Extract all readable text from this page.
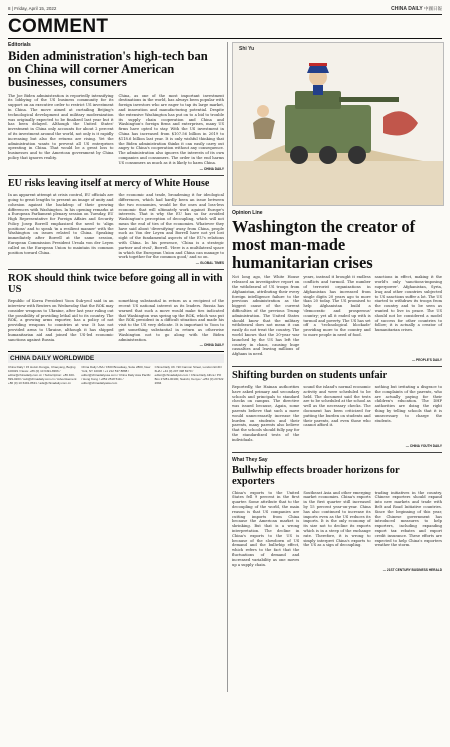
8 | Friday, April 15, 2022	CHINA DAILY 中國日報
COMMENT
Editorials
Biden administration's high-tech ban on China will corner American businesses, consumers
The Joe Biden administration is reportedly intensifying its lobbying of the US business community for its support on an executive order to restrict US investment in China. The move aimed at curtailing Beijing's technological development and military modernization was originally expected to be finalized last year but it has been delayed. Although the United States' investment in China only accounts for about 2 percent of its investment around the world, not only is it rapidly increasing but also the returns are rising. Yet the administration wants to prevent all US enterprises operating in China. That would be a great loss to businesses and to the American government by China policy that ignores reality.
China, as one of the most important investment destinations in the world, has always been popular with foreign investors who are eager to tap its large market, and innovation and manufacturing potential. Despite the extensive Washington has put on to a bid to trouble its supply chain cooperation and China and Washington's foreign firms and enterprises, many US firms have opted to stay. With the US investment in China has increased from $107.56 billion in 2019 to $118.6 billion last year. It is only wishful thinking that the Biden administration thinks it can easily carry out angry to China's cooperation without any consequence. The administration also ignores the interests of its own companies and consumers. The order in the end harms US consumers as much as it is likely to harm China.
— CHINA DAILY
EU risks leaving itself at mercy of White House
In an apparent attempt at crisis control, EU officials are going to great lengths to present an image of unity and cohesion against the backdrop of their growing differences with Washington. In his opening remarks at a European Parliament plenary session on Tuesday, EU High Representative for Foreign Affairs and Security Policy Josep Borrell emphasized the need to 'align positions' and to speak 'in a resilient manner' with the Washington on issues related to China. Speaking immediately after Borrell at the same session, European Commission President Ursula von der Leyen called on the European Union to maintain its common position toward China.
the economic and trade, broadening it for ideological differences, which had hardly been an issue between the two economies, would be the ones and loss-less economic that will ultimately work against Europe's interests. That is why the EU has so far avoided Washington's perception of decoupling, which will not mean the end of ties of the economies. Whatever they have said about 'diversifying' away from China, people such as Von der Leyen and Borrell have not yet lost sight of the fundamental aspects of the EU's relations with China. In his presence, 'China is a strategic partner and rival', Borrell. 'Here is a multilateral space in which the European Union and China can manage to work together for the common good,' and so on.
— GLOBAL TIMES
ROK should think twice before going all in with US
Republic of Korea President Yoon Suk-yeol said in an interview with Reuters on Wednesday that the ROK may consider weapons to Ukraine, after last year ruling out the possibility of providing lethal aid to its country. The ROK, a growing arms exporter, has a policy of not providing weapons to countries at war. It has not provided arms to Ukraine, although it has shipped humanitarian aid and joined the US-led economic sanctions against Russia.
something substantial in return as a recipient of the recent US national interest as its leaders. Russia has warned that such a move would make ties indicated that Washington was spring up the ROK, which was put the ROK president in a difficult situation and made his visit to the US very delicate. It is important to Yoon to get something substantial in return as otherwise Washington not to go along with the Biden administration.
— CHINA DAILY
CHINA DAILY WORLDWIDE
China Daily / 15 Huixin Dongjie, Chaoyang, Beijing 100029 / News: +86 (0) 10 6491-8366 / editor@chinadaily.com.cn / Subscription: +86 400-699-0203 / sub@chinadaily.com.cn / Advertisement: +86 (0) 10 6491-8631 / ads@chinadaily.com.cn
China Daily USA / 1500 Broadway, Suite 2800, New York, NY 10036 / +1 212 537 8888 / editor@chinadailyusa.com / China Daily Asia Pacific / Hong Kong / +852 2518 5111 / editor@chinadailyasia.com
China Daily UK / 90 Cannon Street, London EC4N 6HA / +44 (0) 207 398 8270 / editor@chinadailyuk.com / China Daily Africa / PO Box 27281-00100, Nairobi, Kenya / +254 (0) 20 522 2694
Shi Yu
Opinion Line
Washington the creator of most man-made humanitarian crises
Not long ago, the White House released an investigative report on the withdrawal of US troops from Afghanistan, attributing their every foreign intelligence failure to the previous administration as the biggest cause of the current difficulties of the previous Trump administration. The United States should know that the military withdrawal does not mean it can easily do not treat the country. The world knows that the 20-year war launched by the US has left the country in chaos, causing huge casualties and leaving millions of Afghans in need.
years, instead it brought it endless conflicts and turmoil. The number of terrorist organizations in Afghanistan has increased from single digits 20 years ago to more than 20 today. The US promised to help Afghanistan build a 'democratic and prosperous' country; yet all it ended up with is turmoil and poverty. The US has set off a 'technological blockade' providing more to the country and to more people in need of food.
sanctions in effect, making it the world's only 'sanctions-imposing superpower'. Afghanistan, Syria, Iraq and other countries subjected to US sanctions suffer a lot. The US started to withdraw its troops from the country and to be seen as wanted to live in peace. The US should not be considered a model of success for other countries to follow; it is actually a creator of humanitarian crises.
— PEOPLE'S DAILY
Shifting burden on students unfair
Reportedly, the Hainan authorities have asked primary and secondary schools and principals to standard checks on campus. The directive was issued because, Again, some parents believe that such a move would unnecessarily increase the burden on students and their parents, many parents also believe that the schools should fully pay for the standardized tests of the individuals.
sound the island's normal economic activity and were scheduled to be held. The document said the tests are to be scheduled at the school as well as the necessary checks. The document has been criticized for putting the burden on students and their parents, and even those who cannot afford it.
nothing but irritating a disgrace to the complaints of the parents, who are actually paying for their children's education. The DHP authorities are doing the right thing by telling schools that it is unnecessary to charge the students.
— CHINA YOUTH DAILY
What They Say
Bullwhip effects broader horizons for exporters
China's exports to the United States fell 9 percent in the first quarter. Some attribute that to the decoupling of the world, the main reason is that US companies are cutting imports from China because the American market is shrinking. But that is a wrong interpretation. The decline in China's exports to the US is because of the slowdown of US demand and the bullwhip effect, which refers to the fact that the fluctuations of demand and increased variability as one moves up a supply chain.
Southeast Asia and other emerging market economies. China's exports in the first quarter still increased by 15 percent year-on-year. China has also continued to increase its imports even as the US reduces its imports. It is the only economy of its size not to decline its exports which is in a steep of the exchange rate. Therefore, it is wrong to simply interpret China's exports to the US as a sign of decoupling.
trading initiatives in the country. Chinese exporters should expand into new markets and trade with Belt and Road Initiative countries. Since the beginning of this year, the Chinese government has introduced measures to help exporters, including expanding export tax rebates and export credit insurance. These efforts are expected to help China's exporters weather the storm.
— 21ST CENTURY BUSINESS HERALD
